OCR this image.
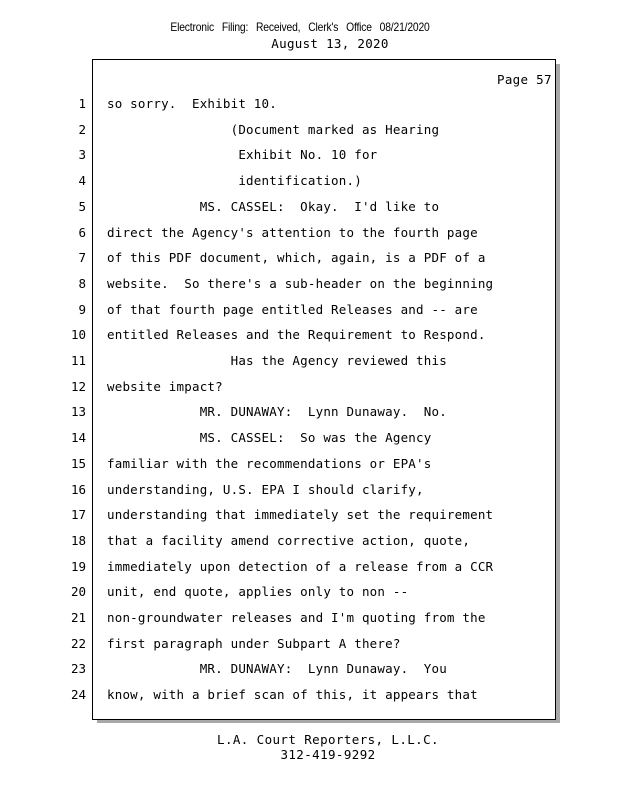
Electronic Filing: Received, Clerk's Office 08/21/2020
August 13, 2020
Page 57
1 so sorry.  Exhibit 10.
2 (Document marked as Hearing
3 Exhibit No. 10 for
4 identification.)
5 MS. CASSEL:  Okay.  I'd like to
6 direct the Agency's attention to the fourth page
7 of this PDF document, which, again, is a PDF of a
8 website.  So there's a sub-header on the beginning
9 of that fourth page entitled Releases and -- are
10 entitled Releases and the Requirement to Respond.
11 Has the Agency reviewed this
12 website impact?
13 MR. DUNAWAY:  Lynn Dunaway.  No.
14 MS. CASSEL:  So was the Agency
15 familiar with the recommendations or EPA's
16 understanding, U.S. EPA I should clarify,
17 understanding that immediately set the requirement
18 that a facility amend corrective action, quote,
19 immediately upon detection of a release from a CCR
20 unit, end quote, applies only to non --
21 non-groundwater releases and I'm quoting from the
22 first paragraph under Subpart A there?
23 MR. DUNAWAY:  Lynn Dunaway.  You
24 know, with a brief scan of this, it appears that
L.A. Court Reporters, L.L.C.
312-419-9292
